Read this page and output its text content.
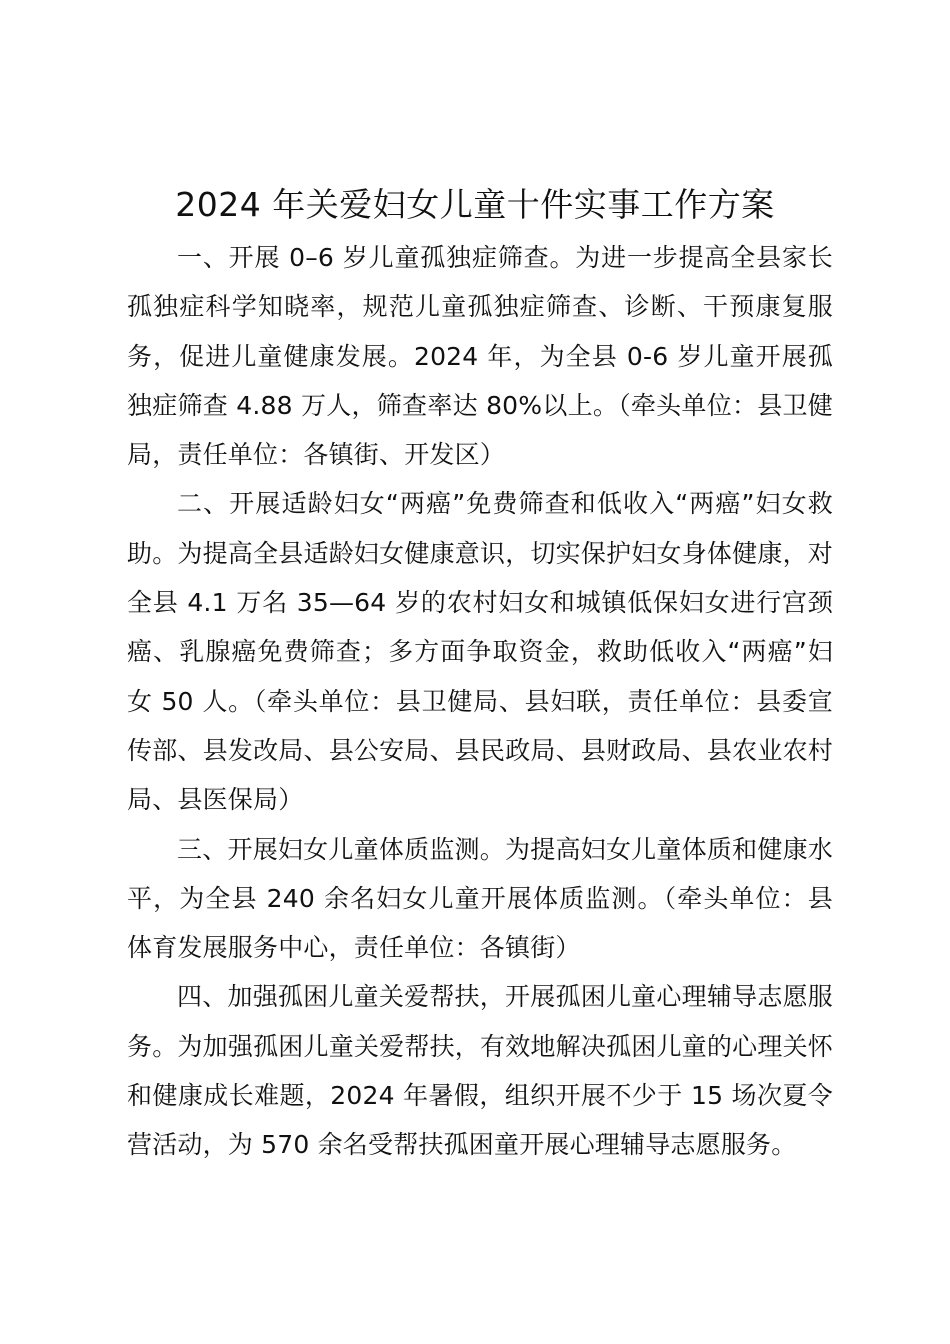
2024 年关爱妇女儿童十件实事工作方案

一、开展 0–6 岁儿童孤独症筛查。为进一步提高全县家长孤独症科学知晓率，规范儿童孤独症筛查、诊断、干预康复服务，促进儿童健康发展。2024 年，为全县 0-6 岁儿童开展孤独症筛查 4.88 万人，筛查率达 80%以上。（牵头单位：县卫健局，责任单位：各镇街、开发区）

二、开展适龄妇女“两癌”免费筛查和低收入“两癌”妇女救助。为提高全县适龄妇女健康意识，切实保护妇女身体健康，对全县 4.1 万名 35—64 岁的农村妇女和城镇低保妇女进行宫颈癌、乳腺癌免费筛查；多方面争取资金，救助低收入“两癌”妇女 50 人。（牵头单位：县卫健局、县妇联，责任单位：县委宣传部、县发改局、县公安局、县民政局、县财政局、县农业农村局、县医保局）

三、开展妇女儿童体质监测。为提高妇女儿童体质和健康水平，为全县 240 余名妇女儿童开展体质监测。（牵头单位：县体育发展服务中心，责任单位：各镇街）

四、加强孤困儿童关爱帮扶，开展孤困儿童心理辅导志愿服务。为加强孤困儿童关爱帮扶，有效地解决孤困儿童的心理关怀和健康成长难题，2024 年暑假，组织开展不少于 15 场次夏令营活动，为 570 余名受帮扶孤困童开展心理辅导志愿服务。
